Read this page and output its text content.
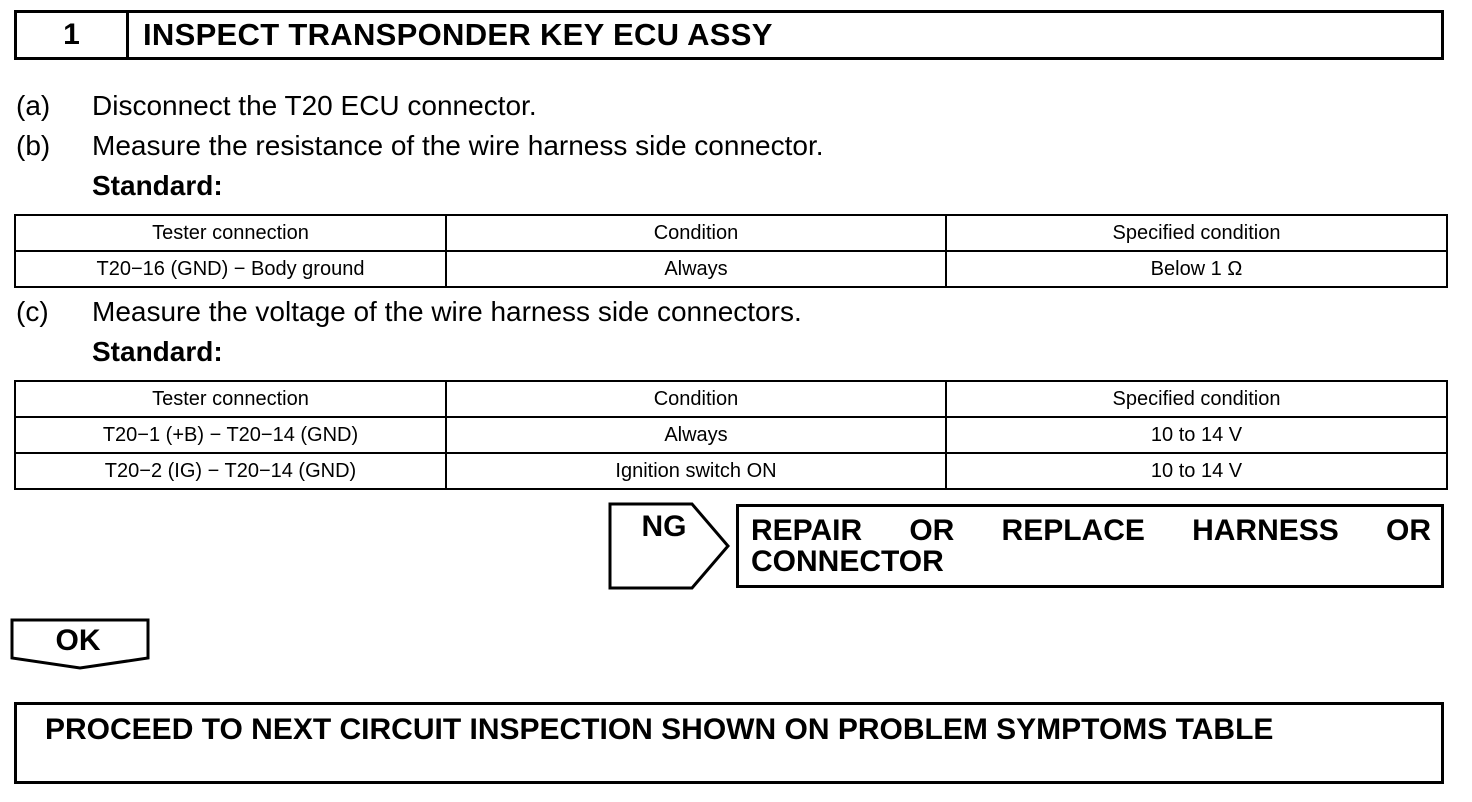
1	INSPECT TRANSPONDER KEY ECU ASSY
(a) Disconnect the T20 ECU connector.
(b) Measure the resistance of the wire harness side connector.
Standard:
Tester connection	Condition	Specified condition
T20−16 (GND) − Body ground	Always	Below 1 Ω
(c) Measure the voltage of the wire harness side connectors.
Standard:
Tester connection	Condition	Specified condition
T20−1 (+B) − T20−14 (GND)	Always	10 to 14 V
T20−2 (IG) − T20−14 (GND)	Ignition switch ON	10 to 14 V
NG	REPAIR OR REPLACE HARNESS OR
CONNECTOR
OK
PROCEED TO NEXT CIRCUIT INSPECTION SHOWN ON PROBLEM SYMPTOMS TABLE
